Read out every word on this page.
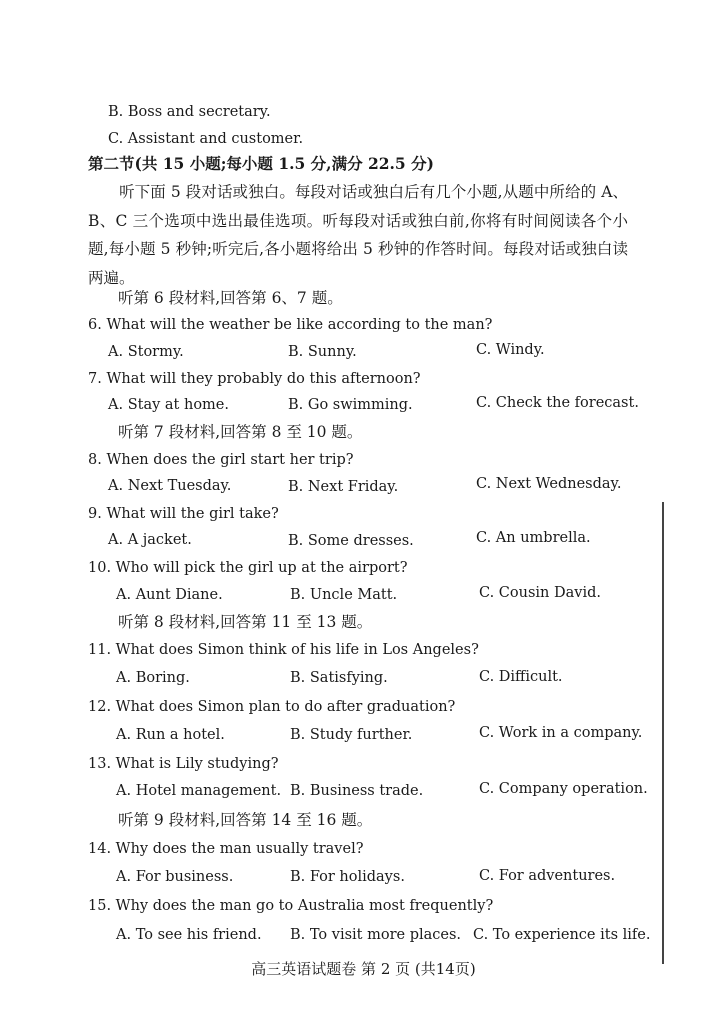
B. Boss and secretary.
C. Assistant and customer.
第二节(共 15 小题;每小题 1.5 分,满分 22.5 分)
听下面 5 段对话或独白。每段对话或独白后有几个小题,从题中所给的 A、B、C 三个选项中选出最佳选项。听每段对话或独白前,你将有时间阅读各个小题,每小题 5 秒钟;听完后,各小题将给出 5 秒钟的作答时间。每段对话或独白读两遍。
听第 6 段材料,回答第 6、7 题。
6. What will the weather be like according to the man?
A. Stormy.	B. Sunny.	C. Windy.
7. What will they probably do this afternoon?
A. Stay at home.	B. Go swimming.	C. Check the forecast.
听第 7 段材料,回答第 8 至 10 题。
8. When does the girl start her trip?
A. Next Tuesday.	B. Next Friday.	C. Next Wednesday.
9. What will the girl take?
A. A jacket.	B. Some dresses.	C. An umbrella.
10. Who will pick the girl up at the airport?
A. Aunt Diane.	B. Uncle Matt.	C. Cousin David.
听第 8 段材料,回答第 11 至 13 题。
11. What does Simon think of his life in Los Angeles?
A. Boring.	B. Satisfying.	C. Difficult.
12. What does Simon plan to do after graduation?
A. Run a hotel.	B. Study further.	C. Work in a company.
13. What is Lily studying?
A. Hotel management. B. Business trade.	C. Company operation.
听第 9 段材料,回答第 14 至 16 题。
14. Why does the man usually travel?
A. For business.	B. For holidays.	C. For adventures.
15. Why does the man go to Australia most frequently?
A. To see his friend. B. To visit more places. C. To experience its life.
高三英语试题卷 第 2 页 (共14页)
